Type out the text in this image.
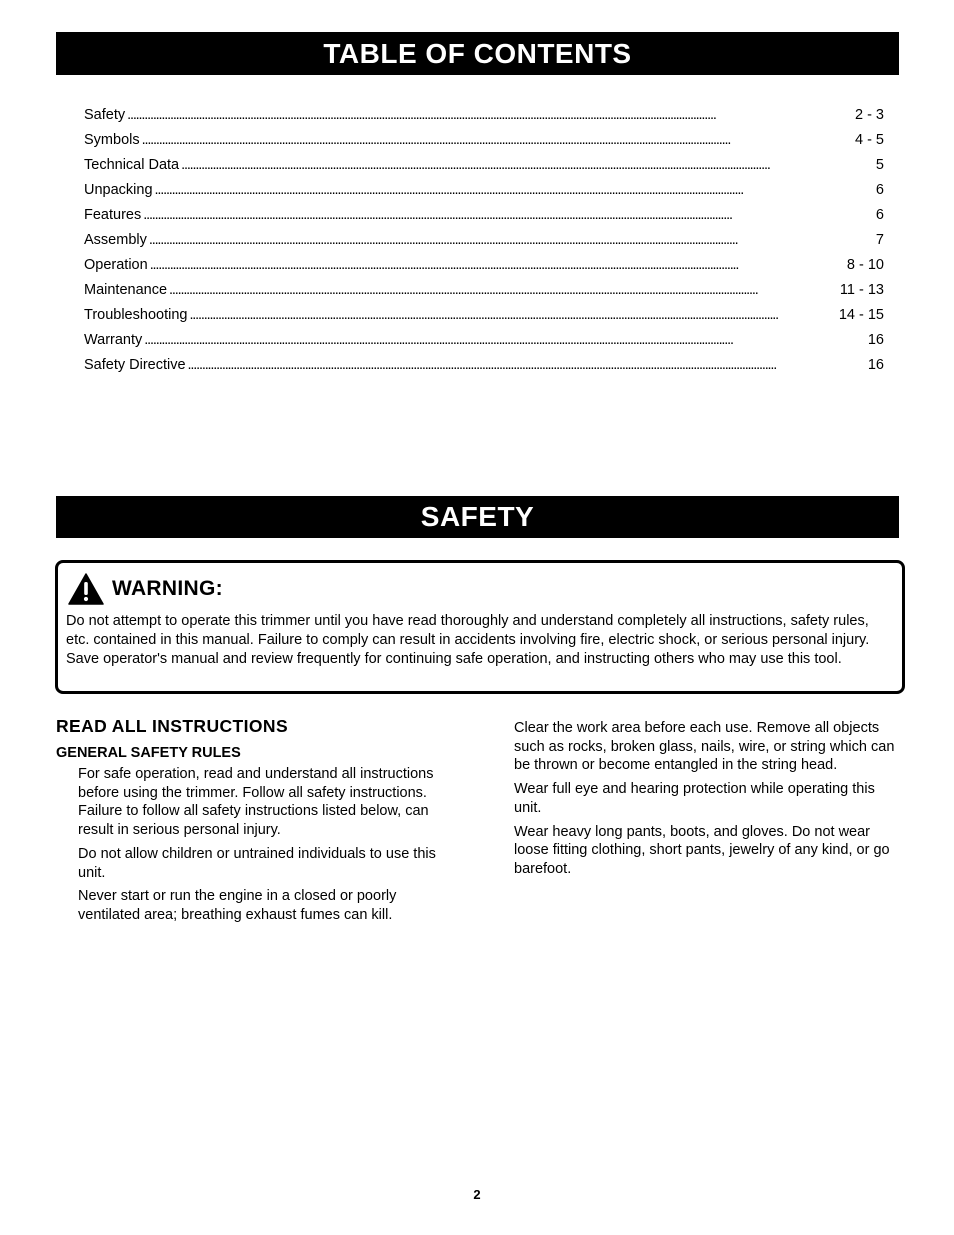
TABLE OF CONTENTS
Safety . . .	2 - 3
Symbols . . .	4 - 5
Technical Data . . .	5
Unpacking . . .	6
Features . . .	6
Assembly . . .	7
Operation . . .	8 - 10
Maintenance . . .	11 - 13
Troubleshooting . . .	14 - 15
Warranty . . .	16
Safety Directive . . .	16
SAFETY
WARNING:
Do not attempt to operate this trimmer until you have read thoroughly and understand completely all instructions, safety rules, etc. contained in this manual. Failure to comply can result in accidents involving fire, electric shock, or serious personal injury. Save operator's manual and review frequently for continuing safe operation, and instructing others who may use this tool.
READ ALL INSTRUCTIONS
GENERAL SAFETY RULES

For safe operation, read and understand all instructions before using the trimmer. Follow all safety instructions. Failure to follow all safety instructions listed below, can result in serious personal injury.

Do not allow children or untrained individuals to use this unit.

Never start or run the engine in a closed or poorly ventilated area; breathing exhaust fumes can kill.

Clear the work area before each use. Remove all objects such as rocks, broken glass, nails, wire, or string which can be thrown or become entangled in the string head.

Wear full eye and hearing protection while operating this unit.

Wear heavy long pants, boots, and gloves. Do not wear loose fitting clothing, short pants, jewelry of any kind, or go barefoot.

2
